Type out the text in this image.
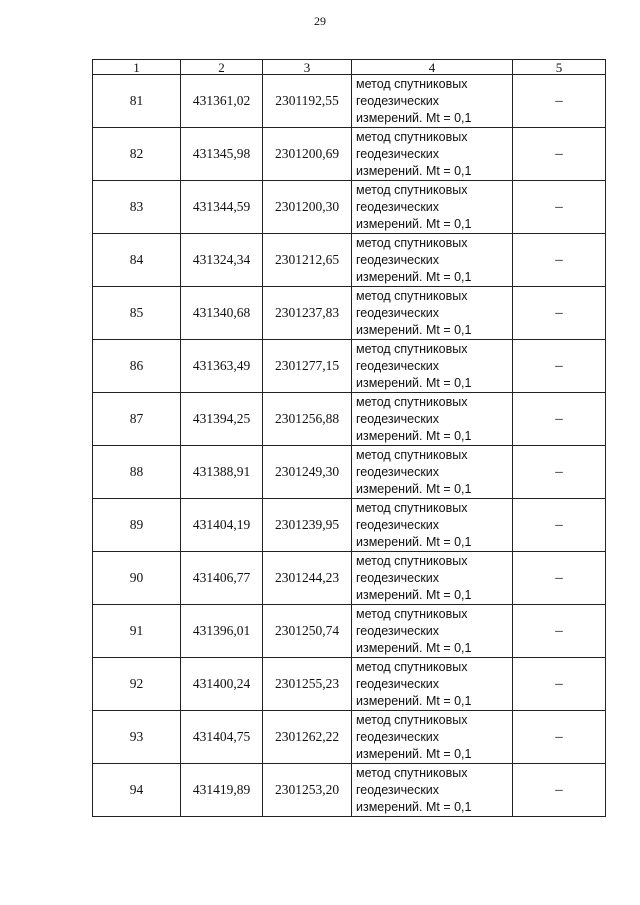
29
1	2	3	4	5
81	431361,02	2301192,55	метод спутниковых
геодезических
измерений. Mt = 0,1	–
82	431345,98	2301200,69	метод спутниковых
геодезических
измерений. Mt = 0,1	–
83	431344,59	2301200,30	метод спутниковых
геодезических
измерений. Mt = 0,1	–
84	431324,34	2301212,65	метод спутниковых
геодезических
измерений. Mt = 0,1	–
85	431340,68	2301237,83	метод спутниковых
геодезических
измерений. Mt = 0,1	–
86	431363,49	2301277,15	метод спутниковых
геодезических
измерений. Mt = 0,1	–
87	431394,25	2301256,88	метод спутниковых
геодезических
измерений. Mt = 0,1	–
88	431388,91	2301249,30	метод спутниковых
геодезических
измерений. Mt = 0,1	–
89	431404,19	2301239,95	метод спутниковых
геодезических
измерений. Mt = 0,1	–
90	431406,77	2301244,23	метод спутниковых
геодезических
измерений. Mt = 0,1	–
91	431396,01	2301250,74	метод спутниковых
геодезических
измерений. Mt = 0,1	–
92	431400,24	2301255,23	метод спутниковых
геодезических
измерений. Mt = 0,1	–
93	431404,75	2301262,22	метод спутниковых
геодезических
измерений. Mt = 0,1	–
94	431419,89	2301253,20	метод спутниковых
геодезических
измерений. Mt = 0,1	–
